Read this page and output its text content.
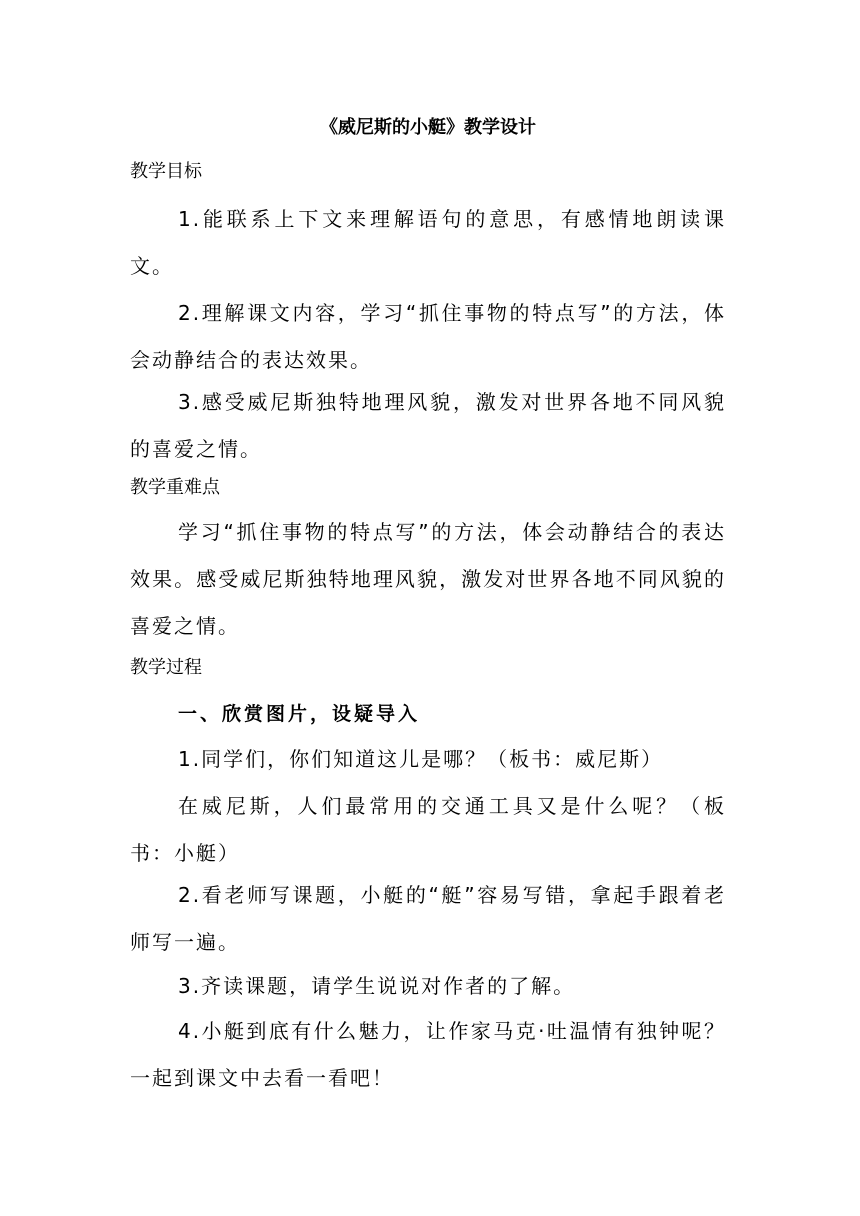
《威尼斯的小艇》教学设计
教学目标
1.能联系上下文来理解语句的意思，有感情地朗读课文。
2.理解课文内容，学习“抓住事物的特点写”的方法，体会动静结合的表达效果。
3.感受威尼斯独特地理风貌，激发对世界各地不同风貌的喜爱之情。
教学重难点
学习“抓住事物的特点写”的方法，体会动静结合的表达效果。感受威尼斯独特地理风貌，激发对世界各地不同风貌的喜爱之情。
教学过程
一、欣赏图片，设疑导入
1.同学们，你们知道这儿是哪？（板书：威尼斯）
在威尼斯，人们最常用的交通工具又是什么呢？（板书：小艇）
2.看老师写课题，小艇的“艇”容易写错，拿起手跟着老师写一遍。
3.齐读课题，请学生说说对作者的了解。
4.小艇到底有什么魅力，让作家马克·吐温情有独钟呢？一起到课文中去看一看吧！
